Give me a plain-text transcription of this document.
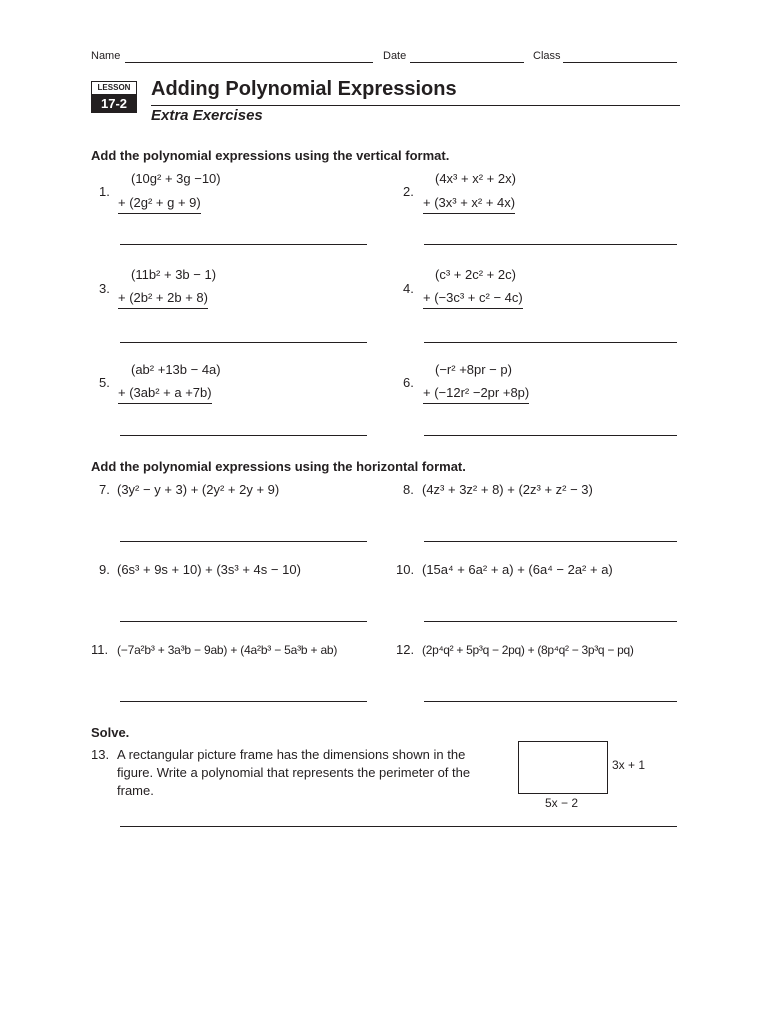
Name	Date	Class
LESSON
17-2
Adding Polynomial Expressions
Extra Exercises
Add the polynomial expressions using the vertical format.
1.
(10g² + 3g −10)
+ (2g² + g + 9)
2.
(4x³ + x² + 2x)
+ (3x³ + x² + 4x)
3.
(11b² + 3b − 1)
+ (2b² + 2b + 8)
4.
(c³ + 2c² + 2c)
+ (−3c³ + c² − 4c)
5.
(ab² +13b − 4a)
+ (3ab² + a +7b)
6.
(−r² +8pr − p)
+ (−12r² −2pr +8p)
Add the polynomial expressions using the horizontal format.
7. (3y² − y + 3) + (2y² + 2y + 9)	8. (4z³ + 3z² + 8) + (2z³ + z² − 3)
9. (6s³ + 9s + 10) + (3s³ + 4s − 10)	10. (15a⁴ + 6a² + a) + (6a⁴ − 2a² + a)
11. (−7a²b³ + 3a³b − 9ab) + (4a²b³ − 5a³b + ab)	12. (2p⁴q² + 5p³q − 2pq) + (8p⁴q² − 3p³q − pq)
Solve.
13. A rectangular picture frame has the dimensions shown in the figure. Write a polynomial that represents the perimeter of the frame.
3x + 1
5x − 2
